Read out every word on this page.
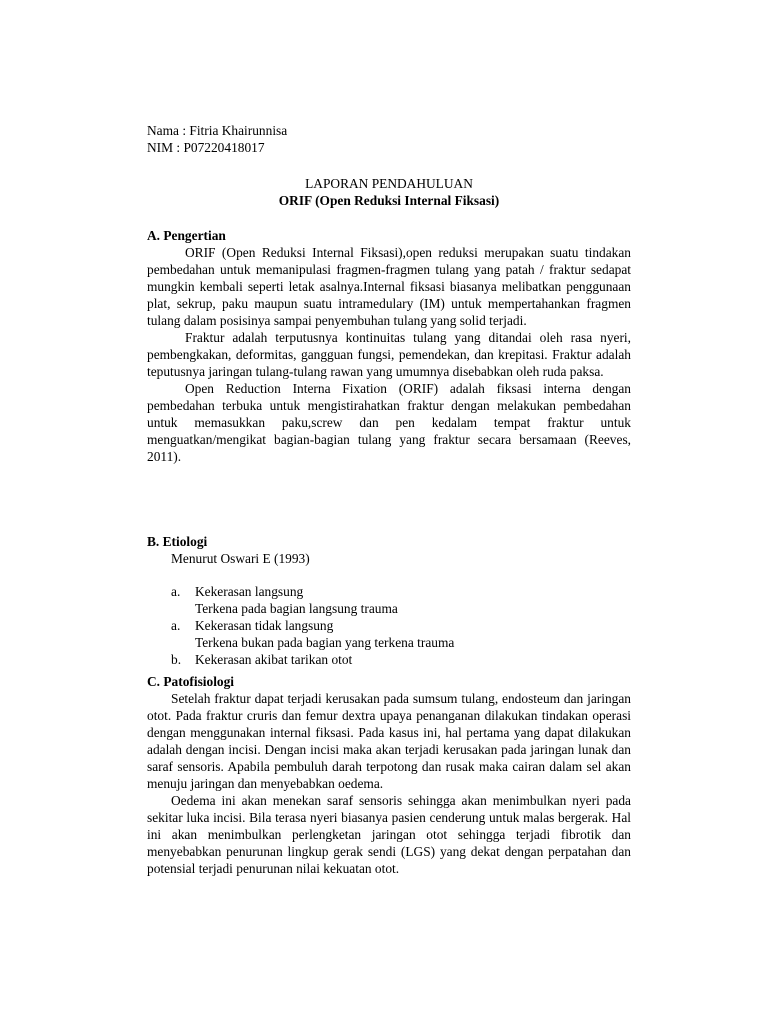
Nama : Fitria Khairunnisa

NIM : P07220418017

LAPORAN PENDAHULUAN

ORIF (Open Reduksi Internal Fiksasi)

A. Pengertian

ORIF (Open Reduksi Internal Fiksasi),open reduksi merupakan suatu tindakan pembedahan untuk memanipulasi fragmen-fragmen tulang yang patah / fraktur sedapat mungkin kembali seperti letak asalnya.Internal fiksasi biasanya melibatkan penggunaan plat, sekrup, paku maupun suatu intramedulary (IM) untuk mempertahankan fragmen tulang dalam posisinya sampai penyembuhan tulang yang solid terjadi.

Fraktur adalah terputusnya kontinuitas tulang yang ditandai oleh rasa nyeri, pembengkakan, deformitas, gangguan fungsi, pemendekan, dan krepitasi. Fraktur adalah teputusnya jaringan tulang-tulang rawan yang umumnya disebabkan oleh ruda paksa.

Open Reduction Interna Fixation (ORIF) adalah fiksasi interna dengan pembedahan terbuka untuk mengistirahatkan fraktur dengan melakukan pembedahan untuk memasukkan paku,screw dan pen kedalam tempat fraktur untuk menguatkan/mengikat bagian-bagian tulang yang fraktur secara bersamaan (Reeves, 2011).

B. Etiologi

Menurut Oswari E (1993)

a. Kekerasan langsung

Terkena pada bagian langsung trauma

a. Kekerasan tidak langsung

Terkena bukan pada bagian yang terkena trauma

b. Kekerasan akibat tarikan otot

C. Patofisiologi

Setelah fraktur dapat terjadi kerusakan pada sumsum tulang, endosteum dan jaringan otot. Pada fraktur cruris dan femur dextra upaya penanganan dilakukan tindakan operasi dengan menggunakan internal fiksasi. Pada kasus ini, hal pertama yang dapat dilakukan adalah dengan incisi. Dengan incisi maka akan terjadi kerusakan pada jaringan lunak dan saraf sensoris. Apabila pembuluh darah terpotong dan rusak maka cairan dalam sel akan menuju jaringan dan menyebabkan oedema.

Oedema ini akan menekan saraf sensoris sehingga akan menimbulkan nyeri pada sekitar luka incisi. Bila terasa nyeri biasanya pasien cenderung untuk malas bergerak. Hal ini akan menimbulkan perlengketan jaringan otot sehingga terjadi fibrotik dan menyebabkan penurunan lingkup gerak sendi (LGS) yang dekat dengan perpatahan dan potensial terjadi penurunan nilai kekuatan otot.
